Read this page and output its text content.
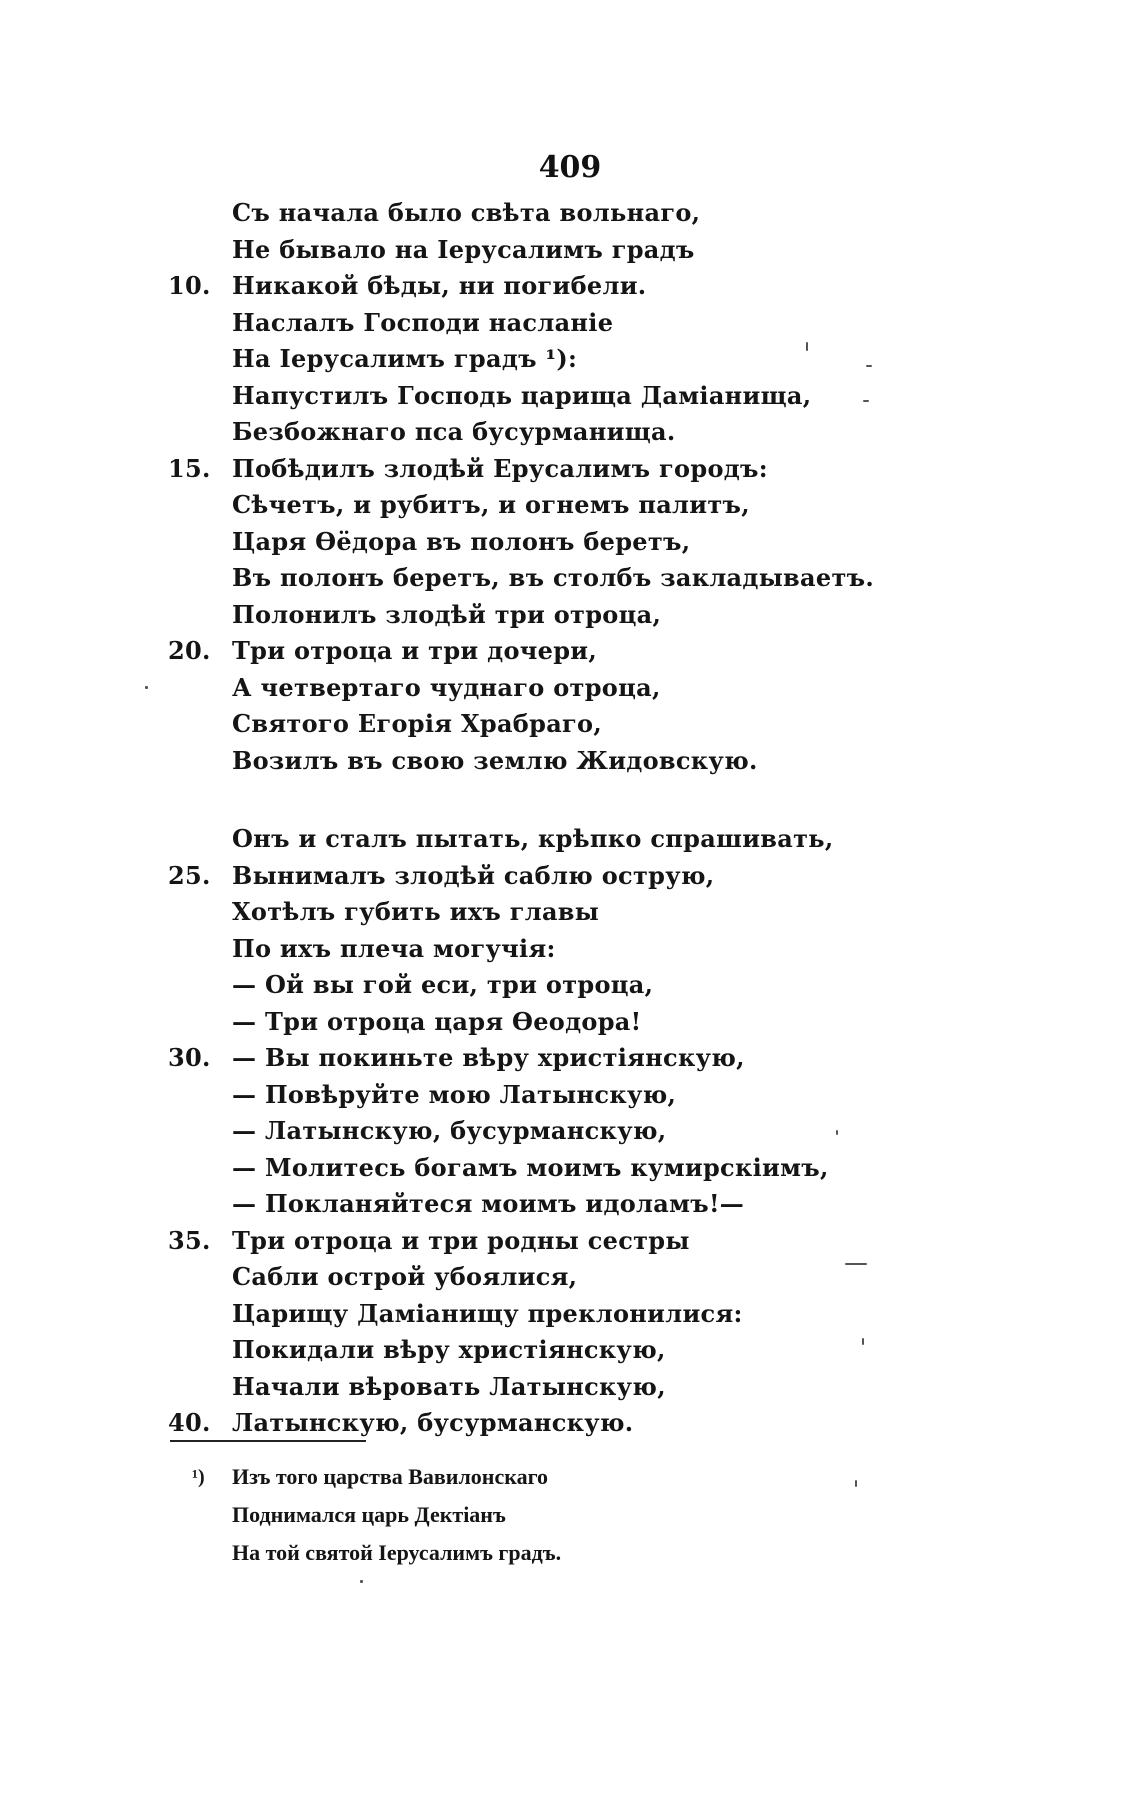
409
Съ начала было свѣта вольнаго,
Не бывало на Іерусалимъ градъ
10. Никакой бѣды, ни погибели.
Наслалъ Господи насланіе
На Іерусалимъ градъ ¹):
Напустилъ Господь царища Даміанища,
Безбожнаго пса бусурманища.
15. Побѣдилъ злодѣй Ерусалимъ городъ:
Сѣчетъ, и рубитъ, и огнемъ палитъ,
Царя Ѳёдора въ полонъ беретъ,
Въ полонъ беретъ, въ столбъ закладываетъ.
Полонилъ злодѣй три отроца,
20. Три отроца и три дочери,
А четвертаго чуднаго отроца,
Святого Егорія Храбраго,
Возилъ въ свою землю Жидовскую.
Онъ и сталъ пытать, крѣпко спрашивать,
25. Вынималъ злодѣй саблю острую,
Хотѣлъ губить ихъ главы
По ихъ плеча могучія:
— Ой вы гой еси, три отроца,
— Три отроца царя Ѳеодора!
30. — Вы покиньте вѣру христіянскую,
— Повѣруйте мою Латынскую,
— Латынскую, бусурманскую,
— Молитесь богамъ моимъ кумирскіимъ,
— Покланяйтеся моимъ идоламъ!—
35. Три отроца и три родны сестры
Сабли острой убоялися,
Царищу Даміанищу преклонилися:
Покидали вѣру христіянскую,
Начали вѣровать Латынскую,
40. Латынскую, бусурманскую.
¹) Изъ того царства Вавилонскаго
Поднимался царь Дектіанъ
На той святой Іерусалимъ градъ.
